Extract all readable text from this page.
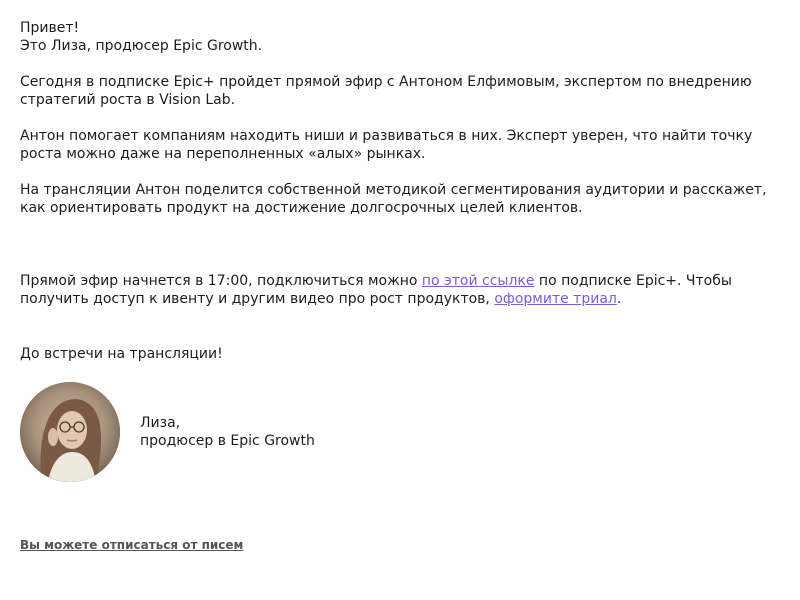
Привет!
Это Лиза, продюсер Epic Growth.

Сегодня в подписке Epic+ пройдет прямой эфир с Антоном Елфимовым, экспертом по внедрению стратегий роста в Vision Lab.

Антон помогает компаниям находить ниши и развиваться в них. Эксперт уверен, что найти точку роста можно даже на переполненных «алых» рынках.

На трансляции Антон поделится собственной методикой сегментирования аудитории и расскажет, как ориентировать продукт на достижение долгосрочных целей клиентов.

Прямой эфир начнется в 17:00, подключиться можно по этой ссылке по подписке Epic+. Чтобы получить доступ к ивенту и другим видео про рост продуктов, оформите триал.

До встречи на трансляции!

Лиза,
продюсер в Epic Growth
Вы можете отписаться от писем
